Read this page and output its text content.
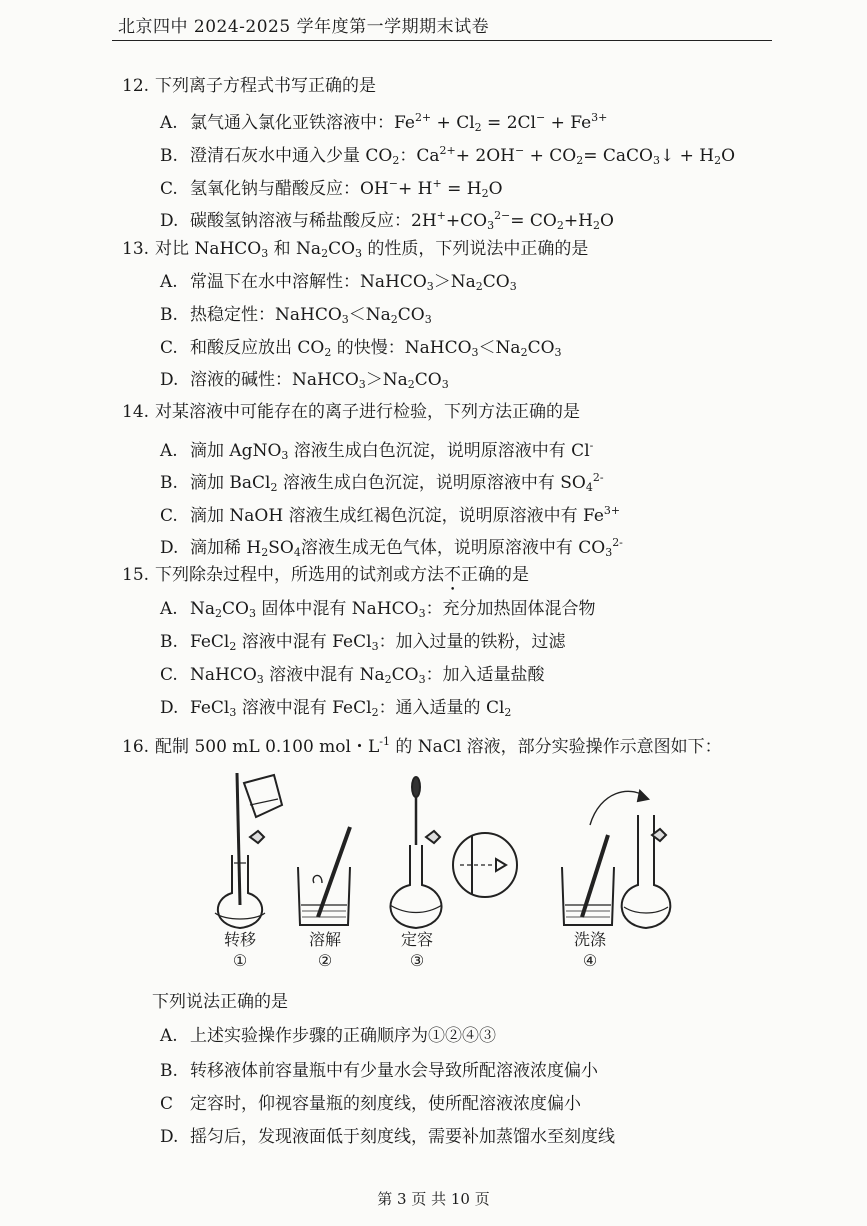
北京四中 2024-2025 学年度第一学期期末试卷
12. 下列离子方程式书写正确的是
A. 氯气通入氯化亚铁溶液中：$Fe^{2+} + Cl_2 = 2Cl^- + Fe^{3+}$
B. 澄清石灰水中通入少量 $CO_2$：$Ca^{2+}+ 2OH^- + CO_2=$ CaCO$_3$↓ + $H_2O$
C. 氢氧化钠与醋酸反应：$OH^-+ H^+ = H_2O$
D. 碳酸氢钠溶液与稀盐酸反应：$2H^++CO_3^{2-}= CO_2+H_2O$
13. 对比 NaHCO$_3$ 和 $Na_2CO_3$ 的性质，下列说法中正确的是
A. 常温下在水中溶解性：$NaHCO_3>Na_2CO_3$
B. 热稳定性：$NaHCO_3<Na_2CO_3$
C. 和酸反应放出 $CO_2$ 的快慢：$NaHCO_3<Na_2CO_3$
D. 溶液的碱性：$NaHCO_3>Na_2CO_3$
14. 对某溶液中可能存在的离子进行检验，下列方法正确的是
A. 滴加 AgNO$_3$ 溶液生成白色沉淀，说明原溶液中有 Cl-
B. 滴加 BaCl$_2$ 溶液生成白色沉淀，说明原溶液中有 $SO_4^{2-}$
C. 滴加 NaOH 溶液生成红褐色沉淀，说明原溶液中有 $Fe^{3+}$
D. 滴加稀 $H_2SO_4$溶液生成无色气体，说明原溶液中有 $CO_3^{2-}$
15. 下列除杂过程中，所选用的试剂或方法不正确的是
A. $Na_2CO_3$ 固体中混有 NaHCO$_3$：充分加热固体混合物
B. FeCl$_2$ 溶液中混有 FeCl$_3$：加入过量的铁粉，过滤
C. NaHCO$_3$ 溶液中混有 $Na_2CO_3$：加入适量盐酸
D. FeCl$_3$ 溶液中混有 FeCl$_2$：通入适量的 $Cl_2$
16. 配制 500 mL 0.100 mol・$L^{-1}$ 的 NaCl 溶液，部分实验操作示意图如下：
转移	溶解	定容	洗涤
①	②	③	④
下列说法正确的是
A. 上述实验操作步骤的正确顺序为①②④③
B. 转移液体前容量瓶中有少量水会导致所配溶液浓度偏小
C 定容时，仰视容量瓶的刻度线，使所配溶液浓度偏小
D. 摇匀后，发现液面低于刻度线，需要补加蒸馏水至刻度线
第 3 页 共 10 页
